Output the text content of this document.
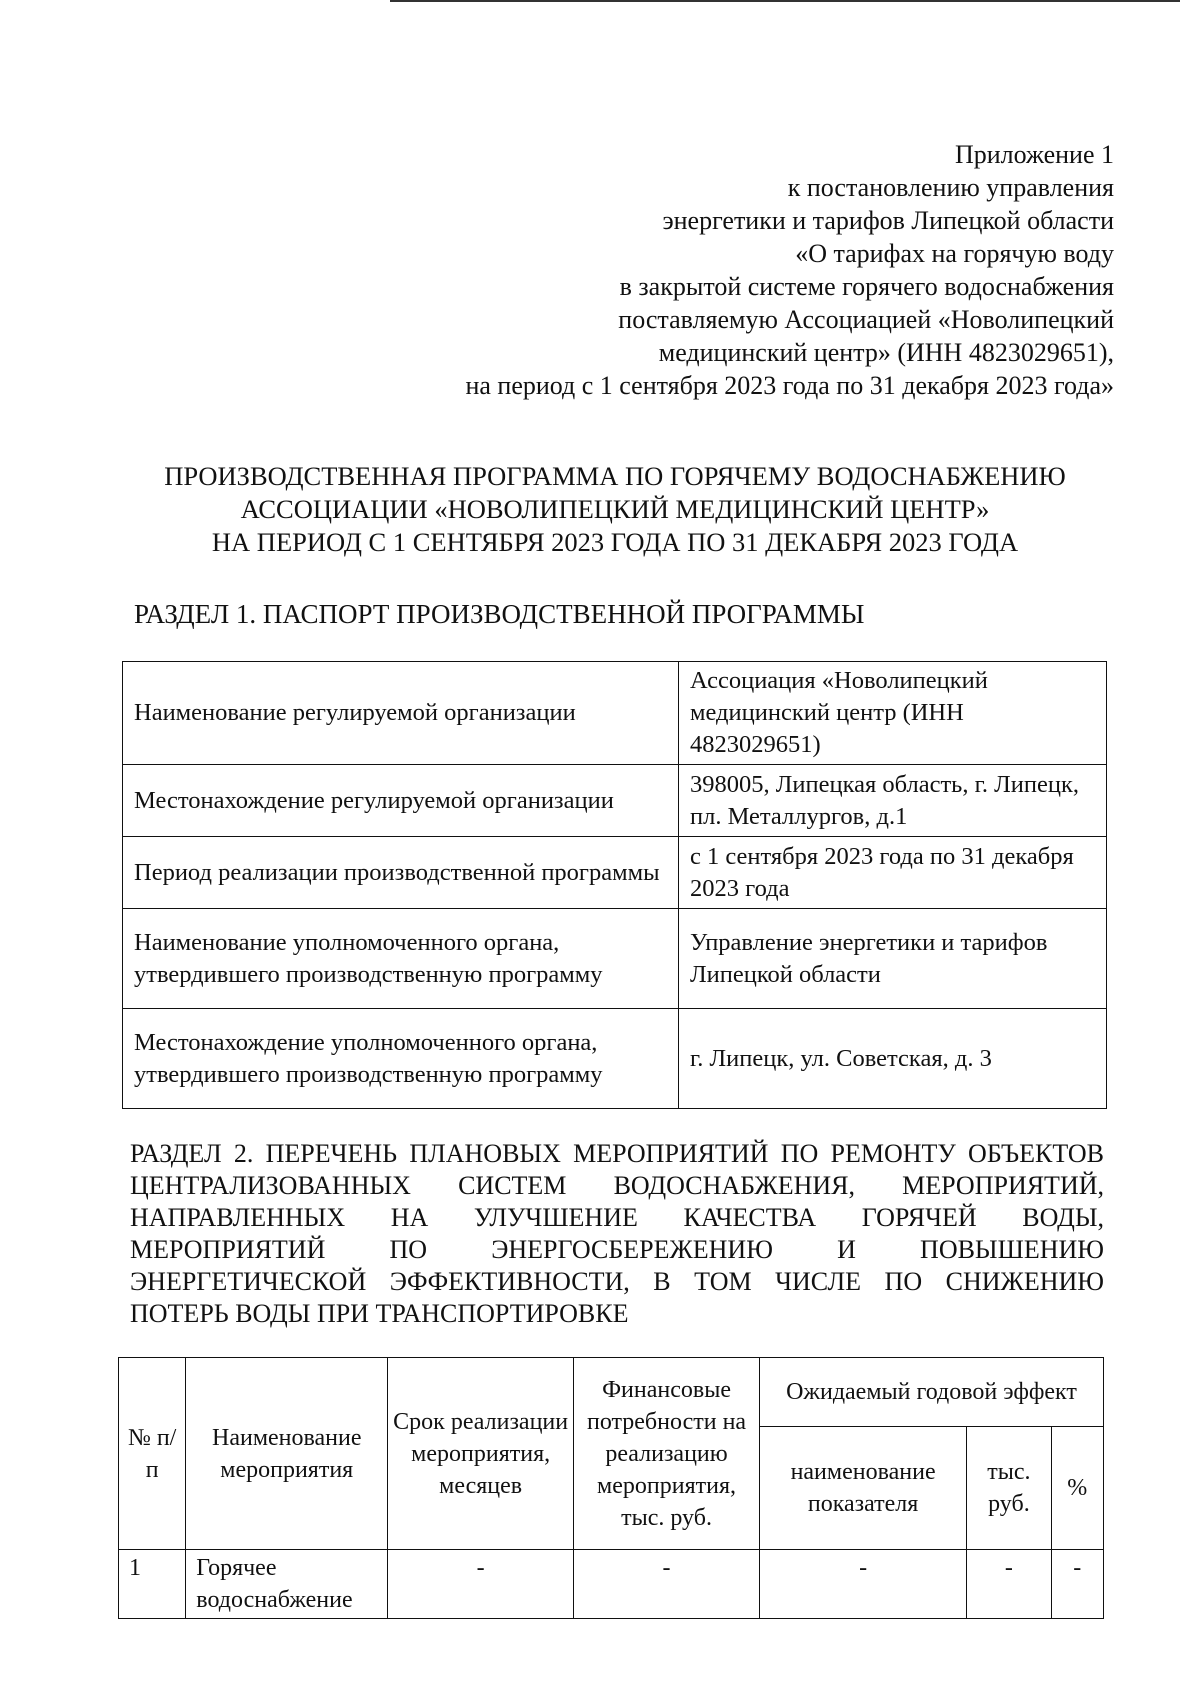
Приложение 1
к постановлению управления
энергетики и тарифов Липецкой области
«О тарифах на горячую воду
в закрытой системе горячего водоснабжения
поставляемую Ассоциацией «Новолипецкий
медицинский центр» (ИНН 4823029651),
на период с 1 сентября 2023 года по 31 декабря 2023 года»
ПРОИЗВОДСТВЕННАЯ ПРОГРАММА ПО ГОРЯЧЕМУ ВОДОСНАБЖЕНИЮ
АССОЦИАЦИИ «НОВОЛИПЕЦКИЙ МЕДИЦИНСКИЙ ЦЕНТР»
НА ПЕРИОД С 1 СЕНТЯБРЯ 2023 ГОДА ПО 31 ДЕКАБРЯ 2023 ГОДА
РАЗДЕЛ 1. ПАСПОРТ ПРОИЗВОДСТВЕННОЙ ПРОГРАММЫ
Наименование регулируемой организации	Ассоциация «Новолипецкий медицинский центр (ИНН 4823029651)
Местонахождение регулируемой организации	398005, Липецкая область, г. Липецк, пл. Металлургов, д.1
Период реализации производственной программы	с 1 сентября 2023 года по 31 декабря 2023 года
Наименование уполномоченного органа, утвердившего производственную программу	Управление энергетики и тарифов Липецкой области
Местонахождение уполномоченного органа, утвердившего производственную программу	г. Липецк, ул. Советская, д. 3
РАЗДЕЛ 2. ПЕРЕЧЕНЬ ПЛАНОВЫХ МЕРОПРИЯТИЙ ПО РЕМОНТУ ОБЪЕКТОВ ЦЕНТРАЛИЗОВАННЫХ СИСТЕМ ВОДОСНАБЖЕНИЯ, МЕРОПРИЯТИЙ, НАПРАВЛЕННЫХ НА УЛУЧШЕНИЕ КАЧЕСТВА ГОРЯЧЕЙ ВОДЫ, МЕРОПРИЯТИЙ ПО ЭНЕРГОСБЕРЕЖЕНИЮ И ПОВЫШЕНИЮ ЭНЕРГЕТИЧЕСКОЙ ЭФФЕКТИВНОСТИ, В ТОМ ЧИСЛЕ ПО СНИЖЕНИЮ ПОТЕРЬ ВОДЫ ПРИ ТРАНСПОРТИРОВКЕ
№ п/п	Наименование мероприятия	Срок реализации мероприятия, месяцев	Финансовые потребности на реализацию мероприятия, тыс. руб.	Ожидаемый годовой эффект		
				наименование показателя	тыс. руб.	%
1	Горячее водоснабжение	-	-	-	-	-
